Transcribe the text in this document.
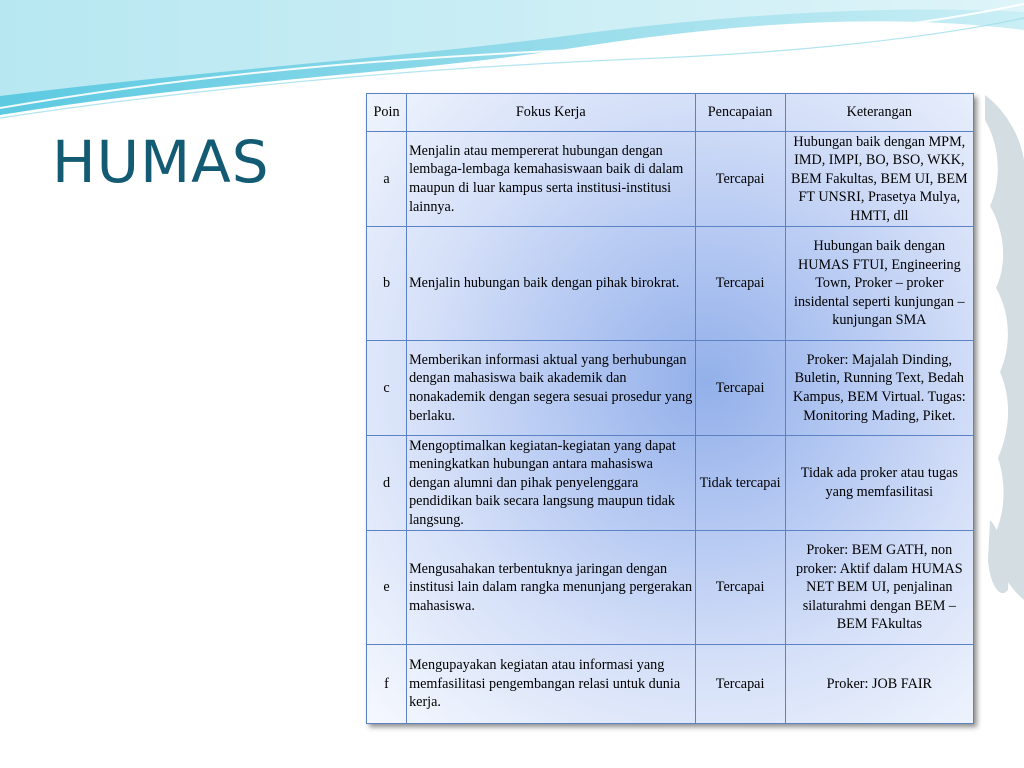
HUMAS
Poin	Fokus Kerja	Pencapaian	Keterangan
a	Menjalin atau mempererat hubungan dengan lembaga-lembaga kemahasiswaan baik di dalam maupun di luar kampus serta institusi-institusi lainnya.	Tercapai	Hubungan baik dengan MPM, IMD, IMPI, BO, BSO, WKK, BEM Fakultas, BEM UI, BEM FT UNSRI, Prasetya Mulya, HMTI, dll
b	Menjalin hubungan baik dengan pihak birokrat.	Tercapai	Hubungan baik dengan HUMAS FTUI, Engineering Town, Proker – proker insidental seperti kunjungan – kunjungan SMA
c	Memberikan informasi aktual yang berhubungan dengan mahasiswa baik akademik dan nonakademik dengan segera sesuai prosedur yang berlaku.	Tercapai	Proker: Majalah Dinding, Buletin, Running Text, Bedah Kampus, BEM Virtual. Tugas: Monitoring Mading, Piket.
d	Mengoptimalkan kegiatan-kegiatan yang dapat meningkatkan hubungan antara mahasiswa dengan alumni dan pihak penyelenggara pendidikan baik secara langsung maupun tidak langsung.	Tidak tercapai	Tidak ada proker atau tugas yang memfasilitasi
e	Mengusahakan terbentuknya jaringan dengan institusi lain dalam rangka menunjang pergerakan mahasiswa.	Tercapai	Proker: BEM GATH, non proker: Aktif dalam HUMAS NET BEM UI, penjalinan silaturahmi dengan BEM – BEM FAkultas
f	Mengupayakan kegiatan atau informasi yang memfasilitasi pengembangan relasi untuk dunia kerja.	Tercapai	Proker: JOB FAIR
